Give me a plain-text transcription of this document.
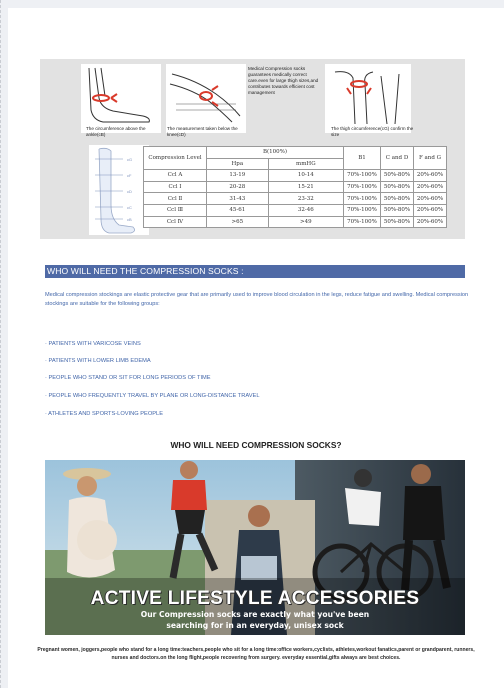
Medical Compression socks guarantees medically correct care.even for large thigh sizes,and contributes towards efficient cost management
The circumference above the ankle(cB)
The measurement taken below the knee(cD)
The thigh circumference(cG) confirm the size
cG
cF
cD
cC
cB
Compression Level	B(100%)		B1	C and D	F and G
	Hpa	mmHG			
Ccl A	13-19	10-14	70%-100%	50%-80%	20%-60%
Ccl Ⅰ	20-28	15-21	70%-100%	50%-80%	20%-60%
Ccl Ⅱ	31-43	23-32	70%-100%	50%-80%	20%-60%
Ccl Ⅲ	45-61	32-46	70%-100%	50%-80%	20%-60%
Ccl Ⅳ	>65	>49	70%-100%	50%-80%	20%-60%
WHO WILL NEED THE COMPRESSION SOCKS :
Medical compression stockings are elastic protective gear that are primarily used to improve blood circulation in the legs, reduce fatigue and swelling. Medical compression stockings are suitable for the following groups:
· PATIENTS WITH VARICOSE VEINS
· PATIENTS WITH LOWER LIMB EDEMA
· PEOPLE WHO STAND OR SIT FOR LONG PERIODS OF TIME
· PEOPLE WHO FREQUENTLY TRAVEL BY PLANE OR LONG-DISTANCE TRAVEL
· ATHLETES AND SPORTS-LOVING PEOPLE
WHO WILL NEED COMPRESSION SOCKS?
ACTIVE LIFESTYLE ACCESSORIES
Our Compression socks are exactly what you've been
searching for in an everyday, unisex sock
Pregnant women, joggers,people who stand for a long time:teachers,people who sit for a long time:office workers,cyclists, athletes,workout fanatics,parent or grandparent, runners, nurses and doctors.on the long flight,people recovering from surgery. everyday essential,gifts always are best choices.
